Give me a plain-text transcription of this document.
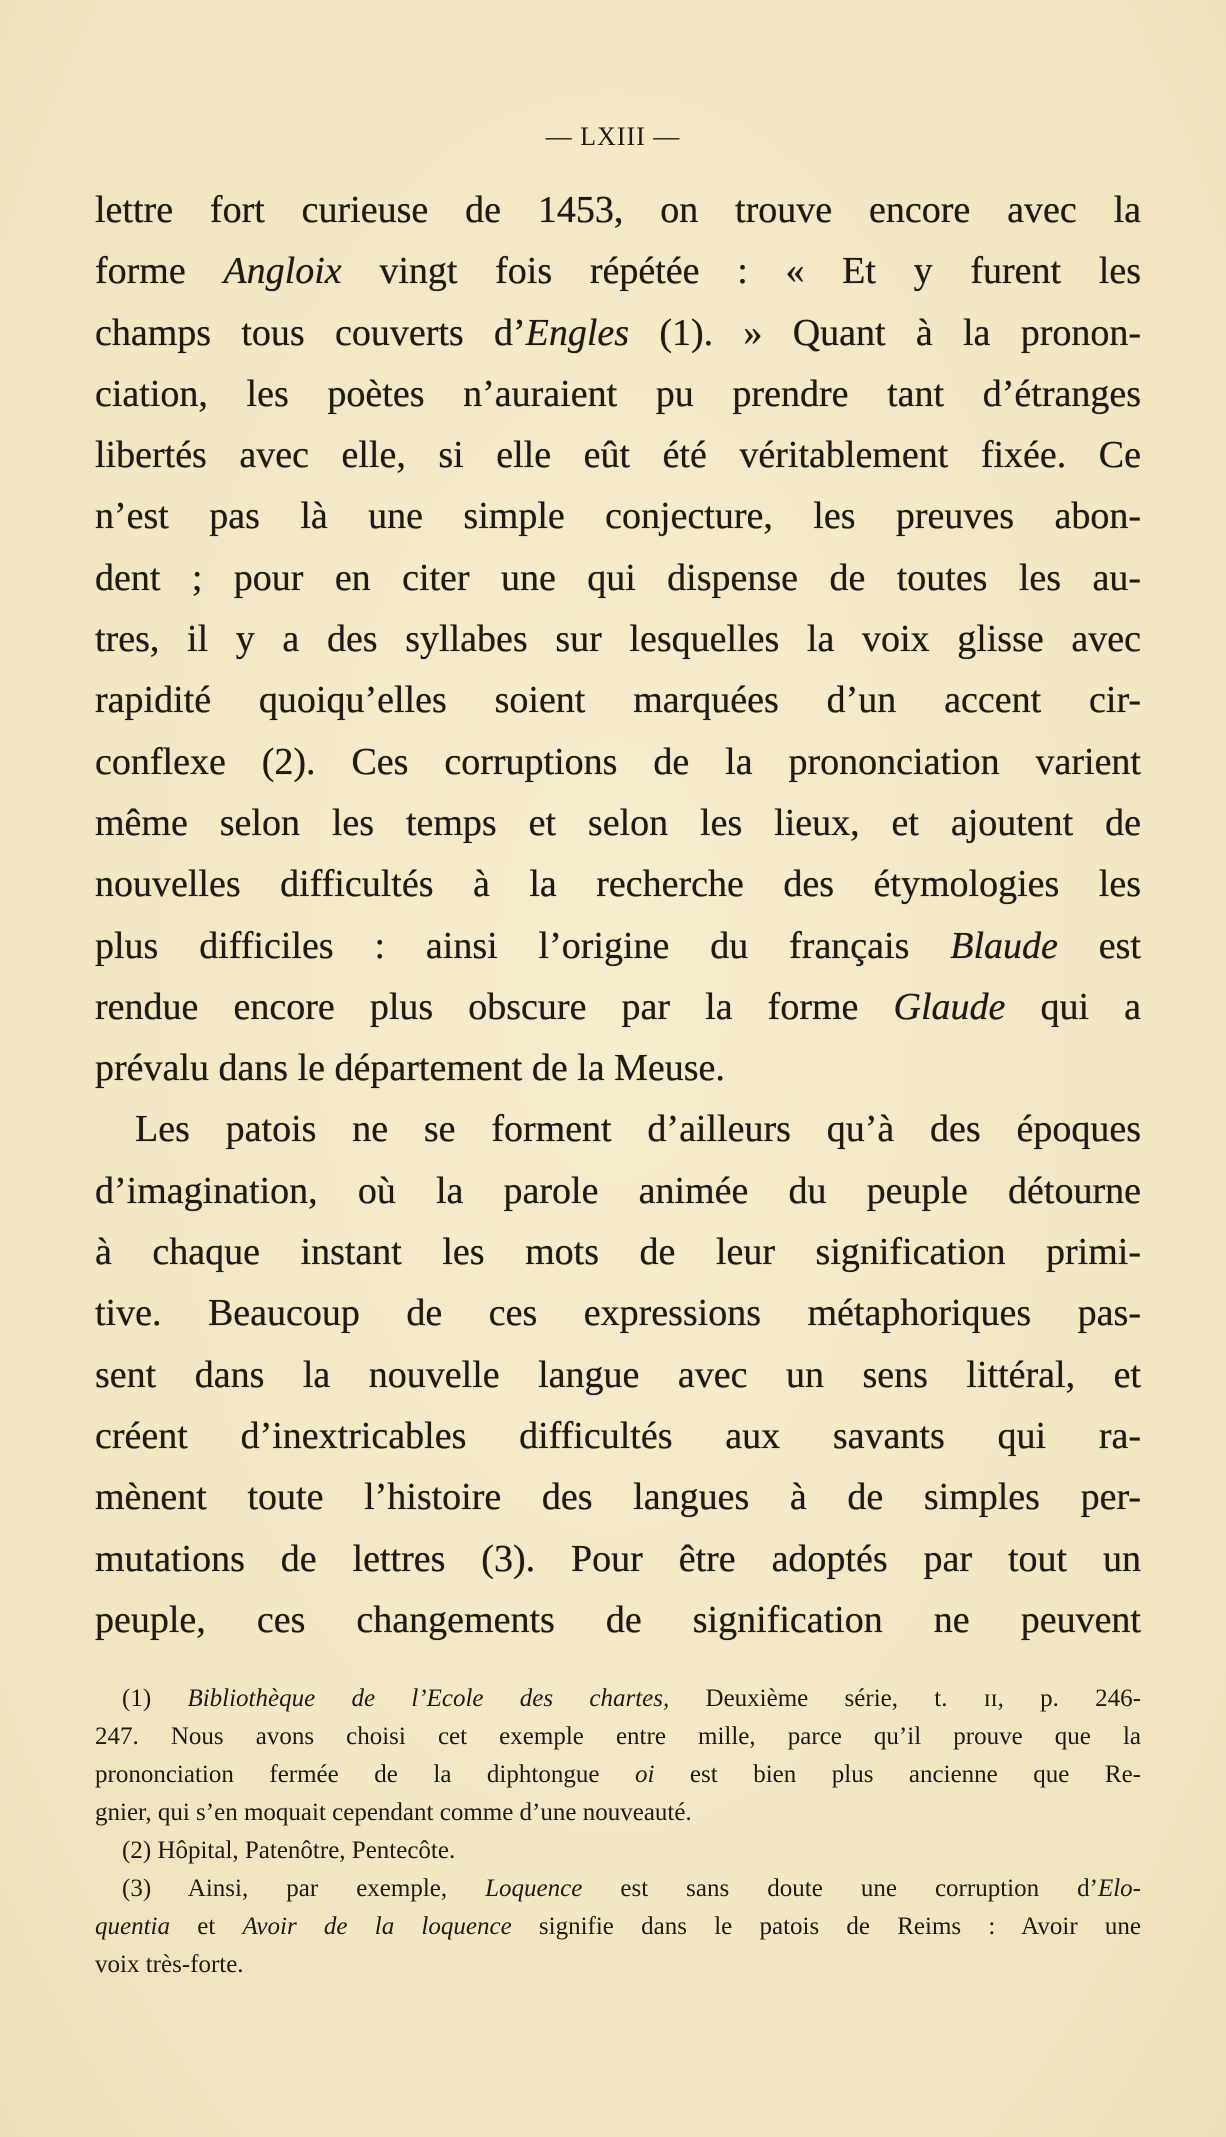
— LXIII —
lettre fort curieuse de 1453, on trouve encore avec la
forme Angloix vingt fois répétée : « Et y furent les
champs tous couverts d’Engles (1). » Quant à la pronon-
ciation, les poètes n’auraient pu prendre tant d’étranges
libertés avec elle, si elle eût été véritablement fixée. Ce
n’est pas là une simple conjecture, les preuves abon-
dent ; pour en citer une qui dispense de toutes les au-
tres, il y a des syllabes sur lesquelles la voix glisse avec
rapidité quoiqu’elles soient marquées d’un accent cir-
conflexe (2). Ces corruptions de la prononciation varient
même selon les temps et selon les lieux, et ajoutent de
nouvelles difficultés à la recherche des étymologies les
plus difficiles : ainsi l’origine du français Blaude est
rendue encore plus obscure par la forme Glaude qui a
prévalu dans le département de la Meuse.
Les patois ne se forment d’ailleurs qu’à des époques
d’imagination, où la parole animée du peuple détourne
à chaque instant les mots de leur signification primi-
tive. Beaucoup de ces expressions métaphoriques pas-
sent dans la nouvelle langue avec un sens littéral, et
créent d’inextricables difficultés aux savants qui ra-
mènent toute l’histoire des langues à de simples per-
mutations de lettres (3). Pour être adoptés par tout un
peuple, ces changements de signification ne peuvent
(1) Bibliothèque de l’Ecole des chartes, Deuxième série, t. ɪɪ, p. 246-
247. Nous avons choisi cet exemple entre mille, parce qu’il prouve que la
prononciation fermée de la diphtongue oi est bien plus ancienne que Re-
gnier, qui s’en moquait cependant comme d’une nouveauté.
(2) Hôpital, Patenôtre, Pentecôte.
(3) Ainsi, par exemple, Loquence est sans doute une corruption d’Elo-
quentia et Avoir de la loquence signifie dans le patois de Reims : Avoir une
voix très-forte.
